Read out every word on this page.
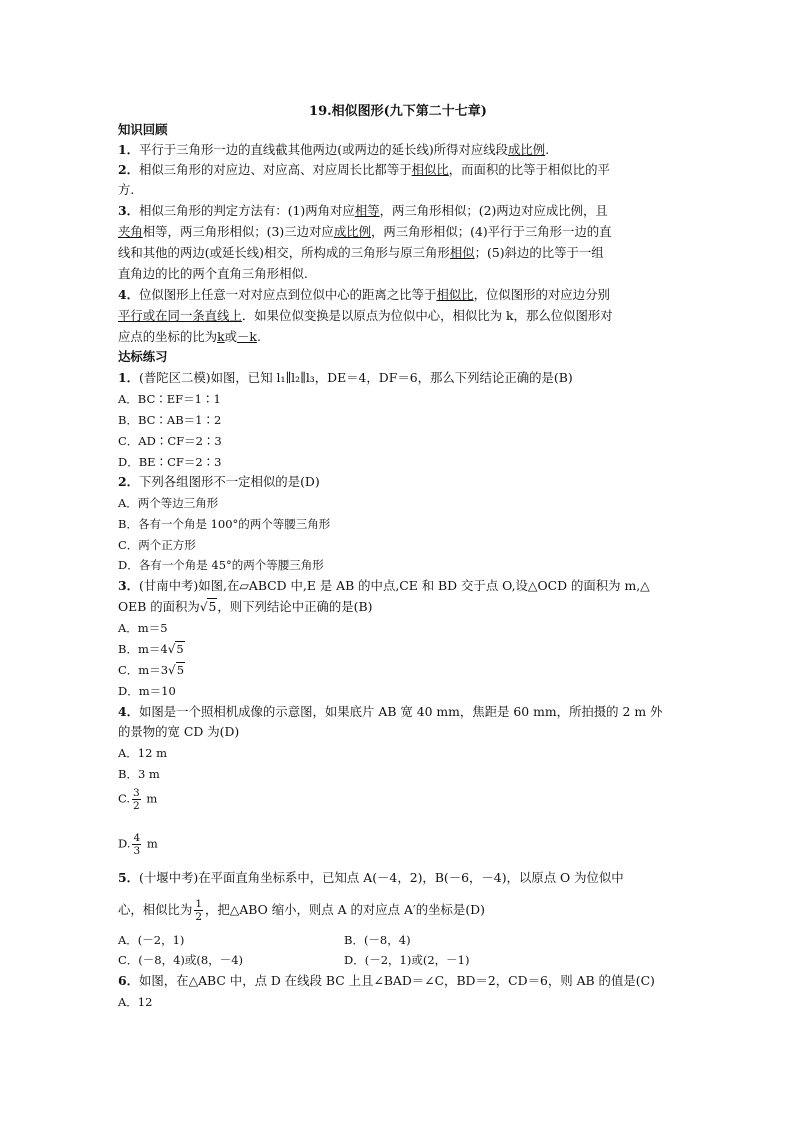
19.相似图形(九下第二十七章)
知识回顾
1．平行于三角形一边的直线截其他两边(或两边的延长线)所得对应线段成比例.
2．相似三角形的对应边、对应高、对应周长比都等于相似比，而面积的比等于相似比的平
方.
3．相似三角形的判定方法有：(1)两角对应相等，两三角形相似；(2)两边对应成比例，且
夹角相等，两三角形相似；(3)三边对应成比例，两三角形相似；(4)平行于三角形一边的直
线和其他的两边(或延长线)相交，所构成的三角形与原三角形相似；(5)斜边的比等于一组
直角边的比的两个直角三角形相似.
4．位似图形上任意一对对应点到位似中心的距离之比等于相似比，位似图形的对应边分别
平行或在同一条直线上．如果位似变换是以原点为位似中心，相似比为 k，那么位似图形对
应点的坐标的比为k或－k.
达标练习
1．(普陀区二模)如图，已知 l₁∥l₂∥l₃，DE＝4，DF＝6，那么下列结论正确的是(B)
A．BC∶EF＝1∶1
B．BC∶AB＝1∶2
C．AD∶CF＝2∶3
D．BE∶CF＝2∶3
2．下列各组图形不一定相似的是(D)
A．两个等边三角形
B．各有一个角是 100°的两个等腰三角形
C．两个正方形
D．各有一个角是 45°的两个等腰三角形
3．(甘南中考)如图,在▱ABCD 中,E 是 AB 的中点,CE 和 BD 交于点 O,设△OCD 的面积为 m,△
OEB 的面积为√5，则下列结论中正确的是(B)
A．m＝5
B．m＝4√5
C．m＝3√5
D．m＝10
4．如图是一个照相机成像的示意图，如果底片 AB 宽 40 mm，焦距是 60 mm，所拍摄的 2 m 外
的景物的宽 CD 为(D)
A．12 m
B．3 m
C. $\frac{3}{2}$ m
D. $\frac{4}{3}$ m
5．(十堰中考)在平面直角坐标系中，已知点 A(－4，2)，B(－6，－4)，以原点 O 为位似中
心，相似比为 $\frac{1}{2}$ ，把△ABO 缩小，则点 A 的对应点 A′的坐标是(D)
A．(－2，1)	B．(－8，4)
C．(－8，4)或(8，－4)	D．(－2，1)或(2，－1)
6．如图，在△ABC 中，点 D 在线段 BC 上且∠BAD＝∠C，BD＝2，CD＝6，则 AB 的值是(C)
A．12
